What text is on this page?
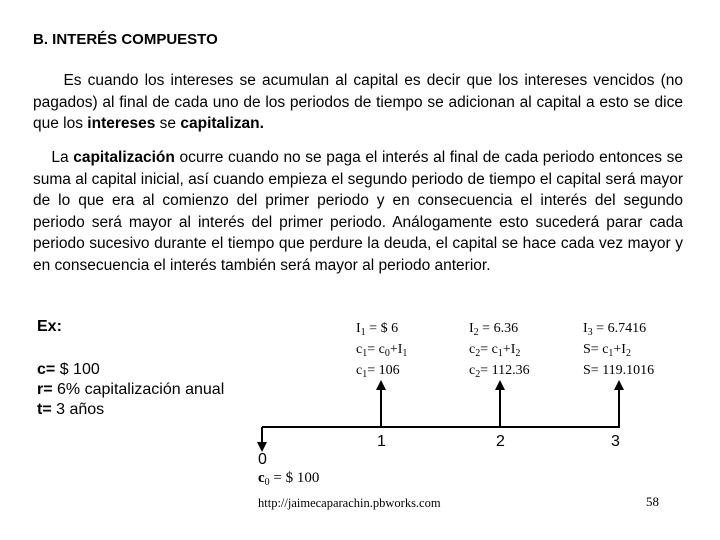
B. INTERÉS COMPUESTO
Es cuando los intereses se acumulan al capital es decir que los intereses vencidos (no pagados) al final de cada uno de los periodos de tiempo se adicionan al capital a esto se dice que los intereses se capitalizan.
La capitalización ocurre cuando no se paga el interés al final de cada periodo entonces se suma al capital inicial, así cuando empieza el segundo periodo de tiempo el capital será mayor de lo que era al comienzo del primer periodo y en consecuencia el interés del segundo periodo será mayor al interés del primer periodo. Análogamente esto sucederá parar cada periodo sucesivo durante el tiempo que perdure la deuda, el capital se hace cada vez mayor y en consecuencia el interés también será mayor al periodo anterior.
Ex:
c= $ 100
r= 6% capitalización anual
t= 3 años
$I_1$ = $ 6
$c_1= c_0+I_1$
$c_1= 106$
$I_2 = 6.36$
$c_2= c_1+I_2$
$c_2= 112.36$
$I_3 = 6.7416$
$S= c_1+I_2$
S= 119.1016
0
1	2	3
$c_0$ = $ 100
http://jaimecaparachin.pbworks.com	58
